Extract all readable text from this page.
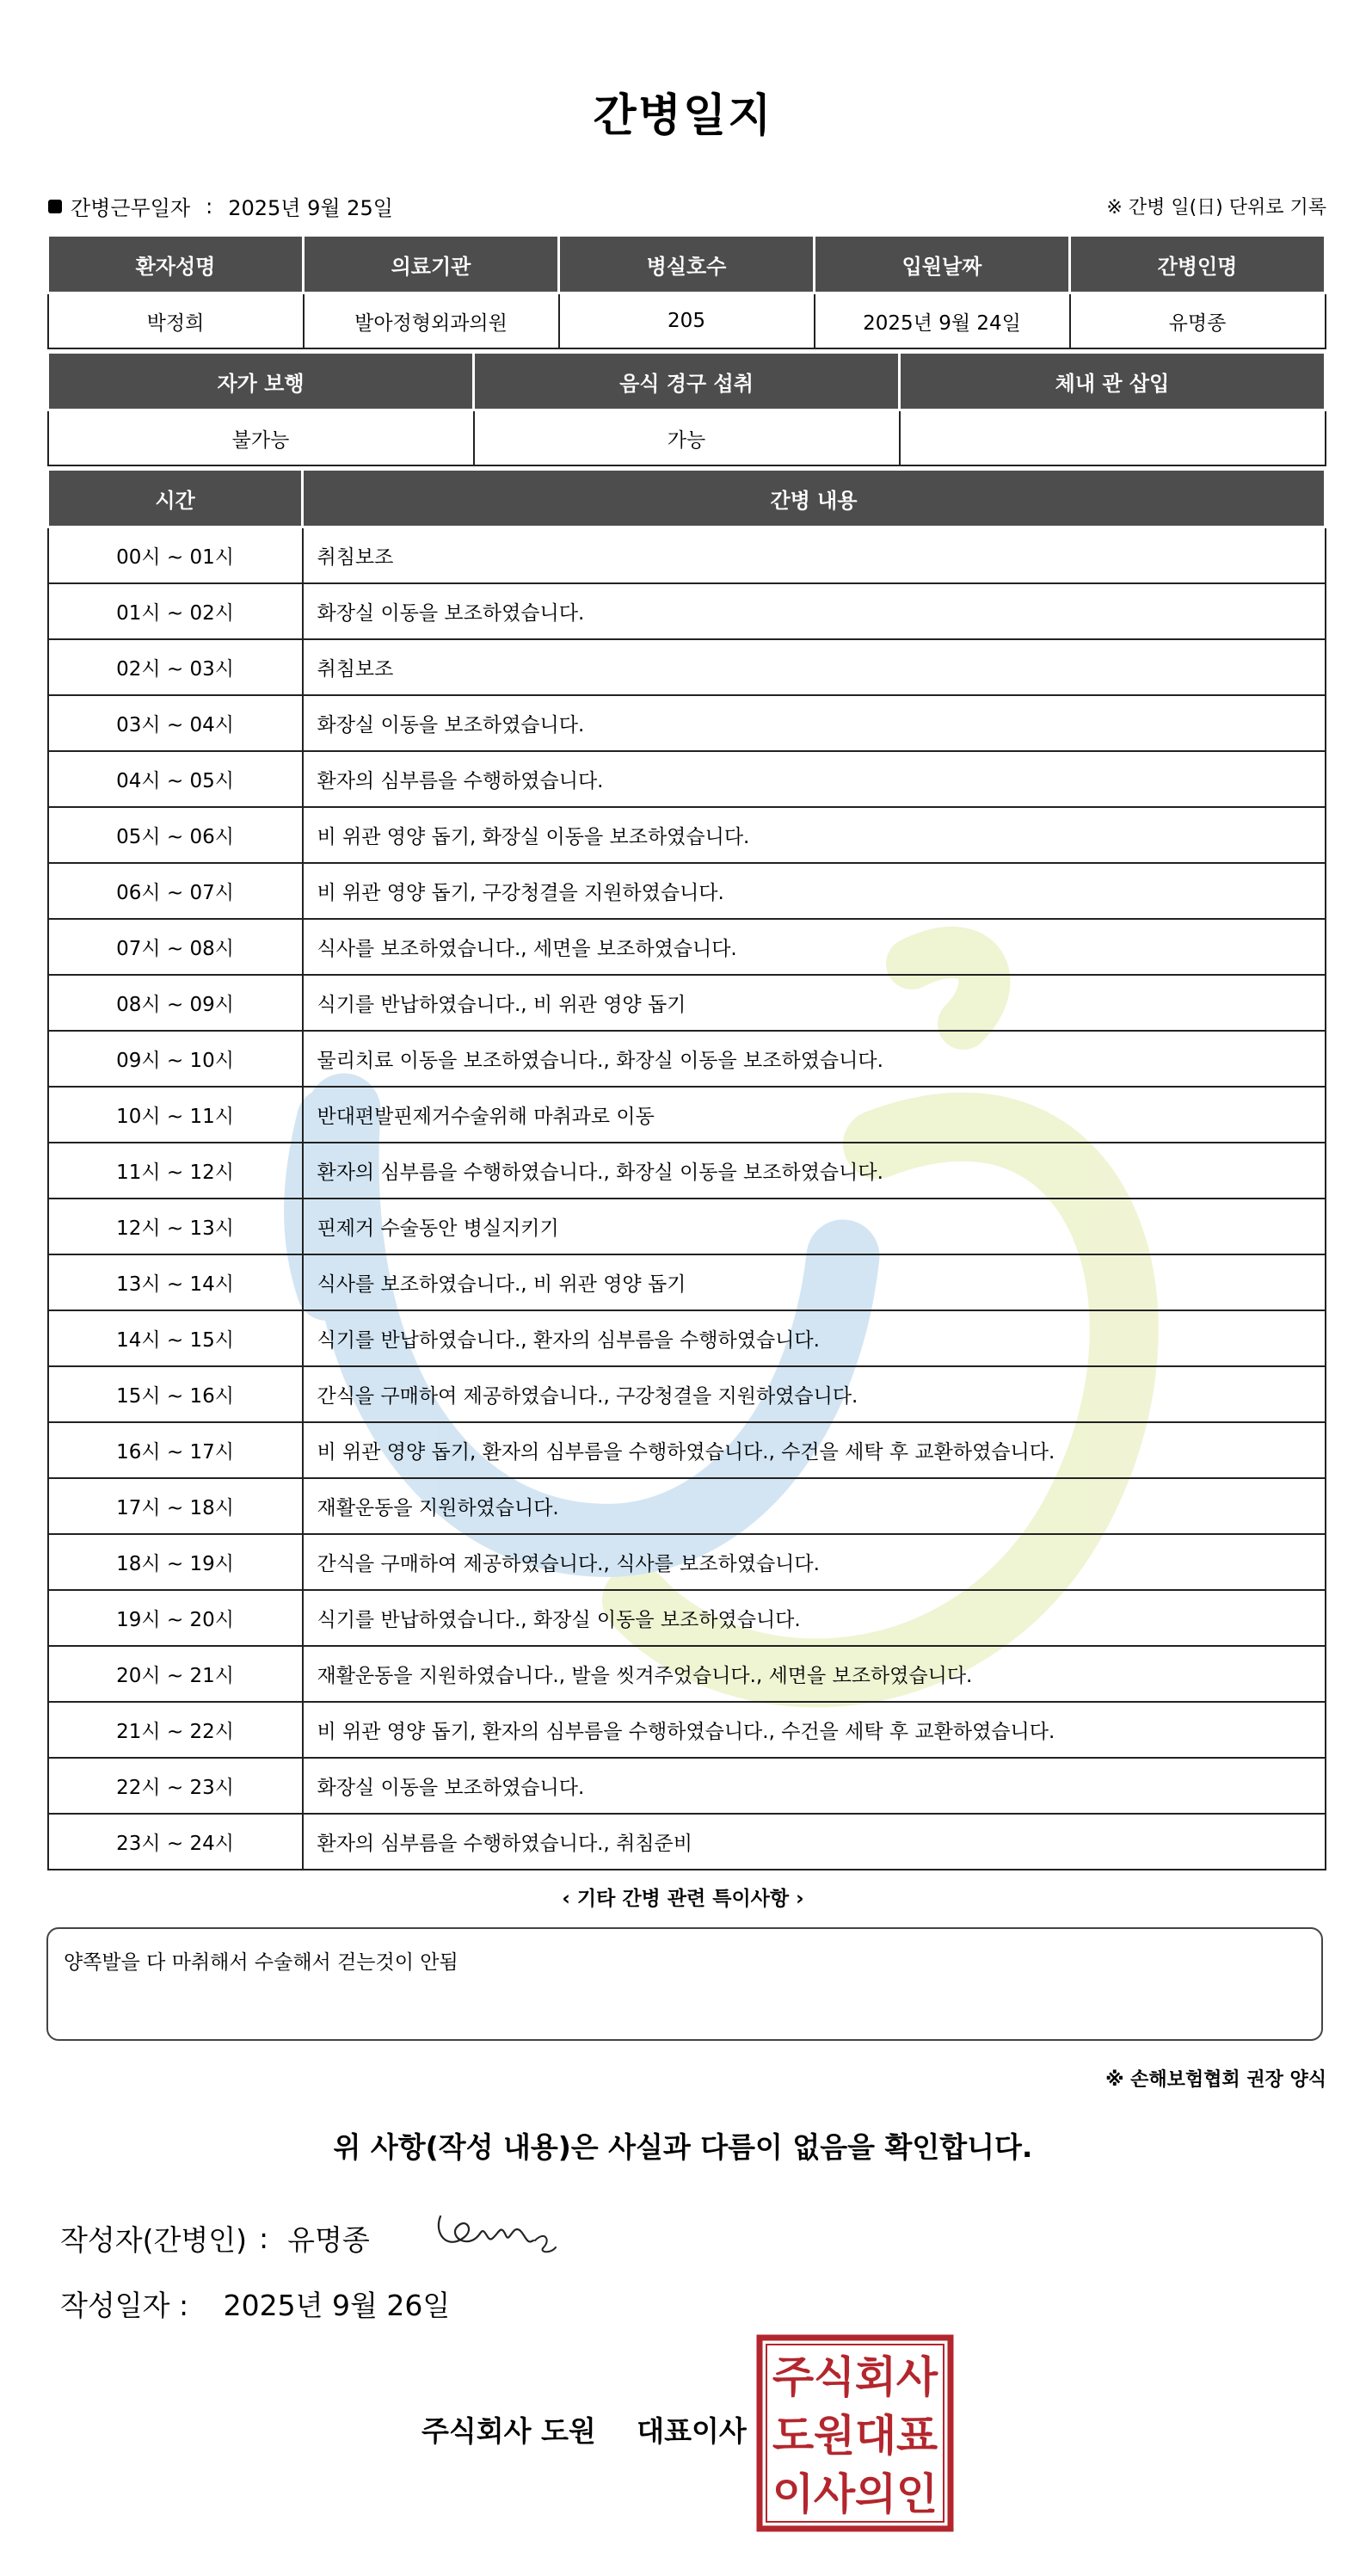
간병일지
간병근무일자 : 2025년 9월 25일	※ 간병 일(日) 단위로 기록
환자성명	의료기관	병실호수	입원날짜	간병인명
박정희	발아정형외과의원	205	2025년 9월 24일	유명종
자가 보행	음식 경구 섭취	체내 관 삽입
불가능	가능	
시간	간병 내용
00시 ~ 01시	취침보조
01시 ~ 02시	화장실 이동을 보조하였습니다.
02시 ~ 03시	취침보조
03시 ~ 04시	화장실 이동을 보조하였습니다.
04시 ~ 05시	환자의 심부름을 수행하였습니다.
05시 ~ 06시	비 위관 영양 돕기, 화장실 이동을 보조하였습니다.
06시 ~ 07시	비 위관 영양 돕기, 구강청결을 지원하였습니다.
07시 ~ 08시	식사를 보조하였습니다., 세면을 보조하였습니다.
08시 ~ 09시	식기를 반납하였습니다., 비 위관 영양 돕기
09시 ~ 10시	물리치료 이동을 보조하였습니다., 화장실 이동을 보조하였습니다.
10시 ~ 11시	반대편발핀제거수술위해 마취과로 이동
11시 ~ 12시	환자의 심부름을 수행하였습니다., 화장실 이동을 보조하였습니다.
12시 ~ 13시	핀제거 수술동안 병실지키기
13시 ~ 14시	식사를 보조하였습니다., 비 위관 영양 돕기
14시 ~ 15시	식기를 반납하였습니다., 환자의 심부름을 수행하였습니다.
15시 ~ 16시	간식을 구매하여 제공하였습니다., 구강청결을 지원하였습니다.
16시 ~ 17시	비 위관 영양 돕기, 환자의 심부름을 수행하였습니다., 수건을 세탁 후 교환하였습니다.
17시 ~ 18시	재활운동을 지원하였습니다.
18시 ~ 19시	간식을 구매하여 제공하였습니다., 식사를 보조하였습니다.
19시 ~ 20시	식기를 반납하였습니다., 화장실 이동을 보조하였습니다.
20시 ~ 21시	재활운동을 지원하였습니다., 발을 씻겨주었습니다., 세면을 보조하였습니다.
21시 ~ 22시	비 위관 영양 돕기, 환자의 심부름을 수행하였습니다., 수건을 세탁 후 교환하였습니다.
22시 ~ 23시	화장실 이동을 보조하였습니다.
23시 ~ 24시	환자의 심부름을 수행하였습니다., 취침준비
‹ 기타 간병 관련 특이사항 ›
양쪽발을 다 마취해서 수술해서 걷는것이 안됨
※ 손해보험협회 권장 양식
위 사항(작성 내용)은 사실과 다름이 없음을 확인합니다.
작성자(간병인) : 유명종
작성일자 : 2025년 9월 26일
주식회사 도원 대표이사
주 식 회 사
도 원 대 표
이 사 의 인
